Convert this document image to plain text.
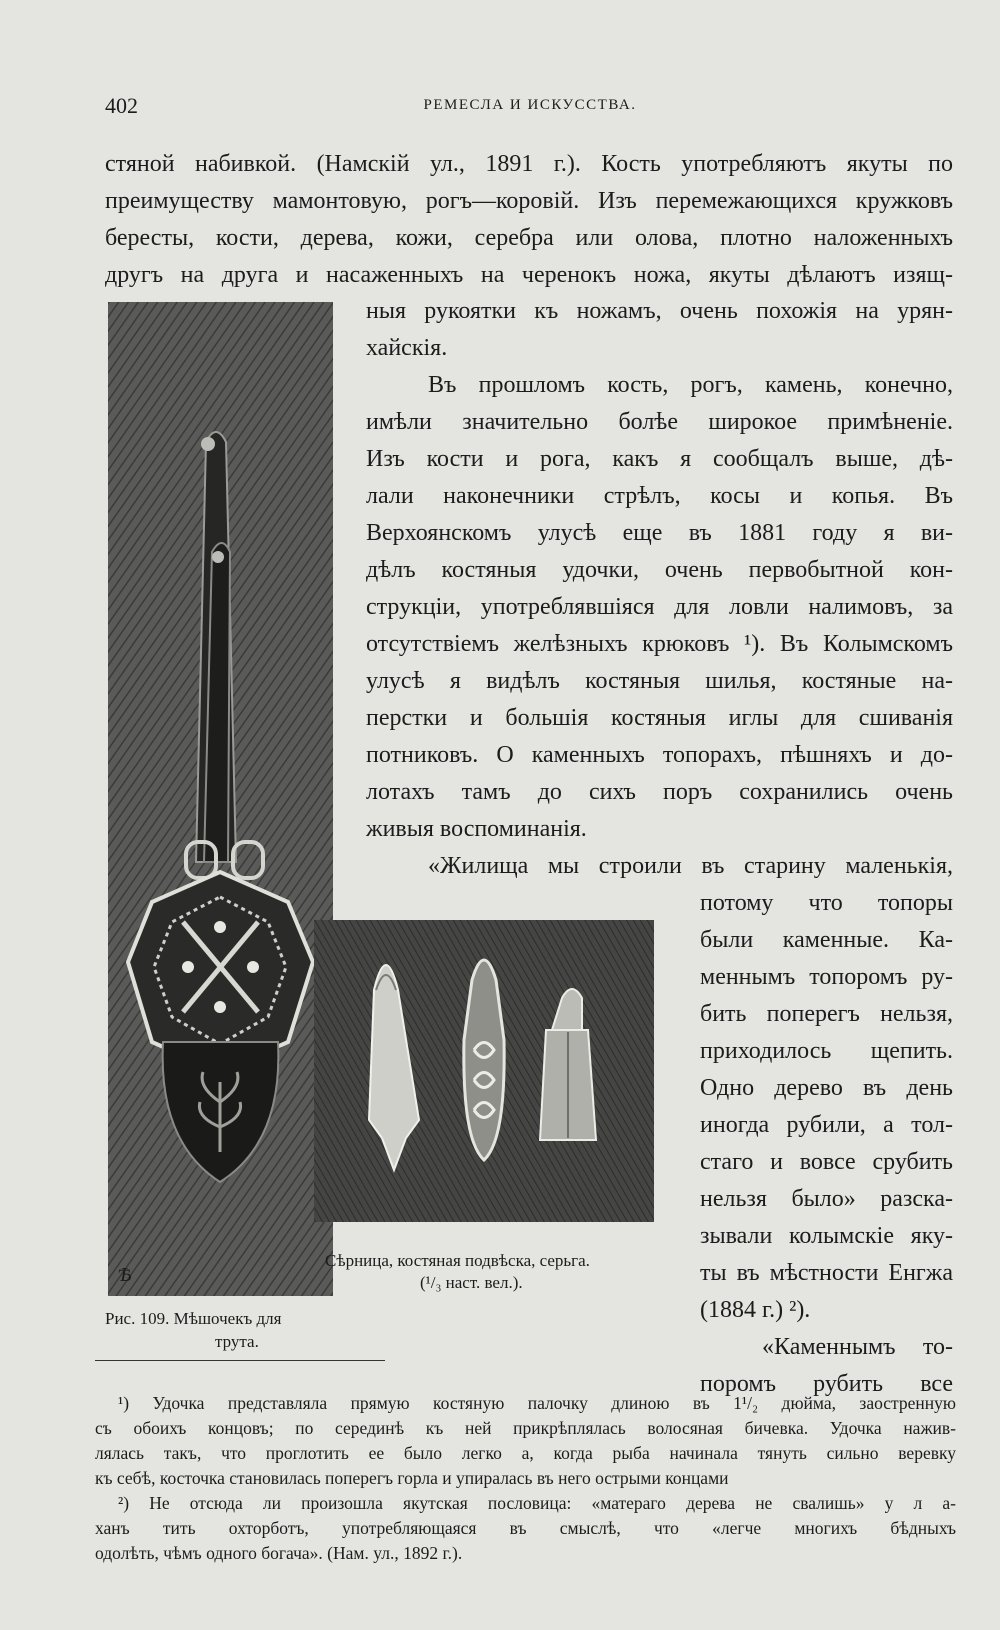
402	РЕМЕСЛА И ИСКУССТВА.
стяной набивкой. (Намскій ул., 1891 г.). Кость употребляютъ якуты по
преимуществу мамонтовую, рогъ—коровій. Изъ перемежающихся кружковъ
бересты, кости, дерева, кожи, серебра или олова, плотно наложенныхъ
другъ на друга и насаженныхъ на черенокъ ножа, якуты дѣлаютъ изящ-
ныя рукоятки къ ножамъ, очень похожія на урян-
хайскія.
Въ прошломъ кость, рогъ, камень, конечно,
имѣли значительно болѣе широкое примѣненіе.
Изъ кости и рога, какъ я сообщалъ выше, дѣ-
лали наконечники стрѣлъ, косы и копья. Въ
Верхоянскомъ улусѣ еще въ 1881 году я ви-
дѣлъ костяныя удочки, очень первобытной кон-
струкціи, употреблявшіяся для ловли налимовъ, за
отсутствіемъ желѣзныхъ крюковъ ¹). Въ Колымскомъ
улусѣ я видѣлъ костяныя шилья, костяные на-
перстки и большія костяныя иглы для сшиванія
потниковъ. О каменныхъ топорахъ, пѣшняхъ и до-
лотахъ тамъ до сихъ поръ сохранились очень
живыя воспоминанія.
«Жилища мы строили въ старину маленькія,
потому что топоры
были каменные. Ка-
меннымъ топоромъ ру-
бить поперегъ нельзя,
приходилось щепить.
Одно дерево въ день
иногда рубили, а тол-
стаго и вовсе срубить
нельзя было» разска-
зывали колымскіе яку-
ты въ мѣстности Енгжа
(1884 г.) ²).
«Каменнымъ то-
поромъ рубить все
Ѣ
Сѣрница, костяная подвѣска, серьга.
(¹/₃ наст. вел.).
Рис. 109. Мѣшочекъ для
трута.
¹) Удочка представляла прямую костяную палочку длиною въ 1¹/₂ дюйма, заостренную
съ обоихъ концовъ; по серединѣ къ ней прикрѣплялась волосяная бичевка. Удочка нажив-
лялась такъ, что проглотить ее было легко а, когда рыба начинала тянуть сильно веревку
къ себѣ, косточка становилась поперегъ горла и упиралась въ него острыми концами
²) Не отсюда ли произошла якутская пословица: «матераго дерева не свалишь» у л а-
ханъ тить охторботъ, употребляющаяся въ смыслѣ, что «легче многихъ бѣдныхъ
одолѣть, чѣмъ одного богача». (Нам. ул., 1892 г.).
